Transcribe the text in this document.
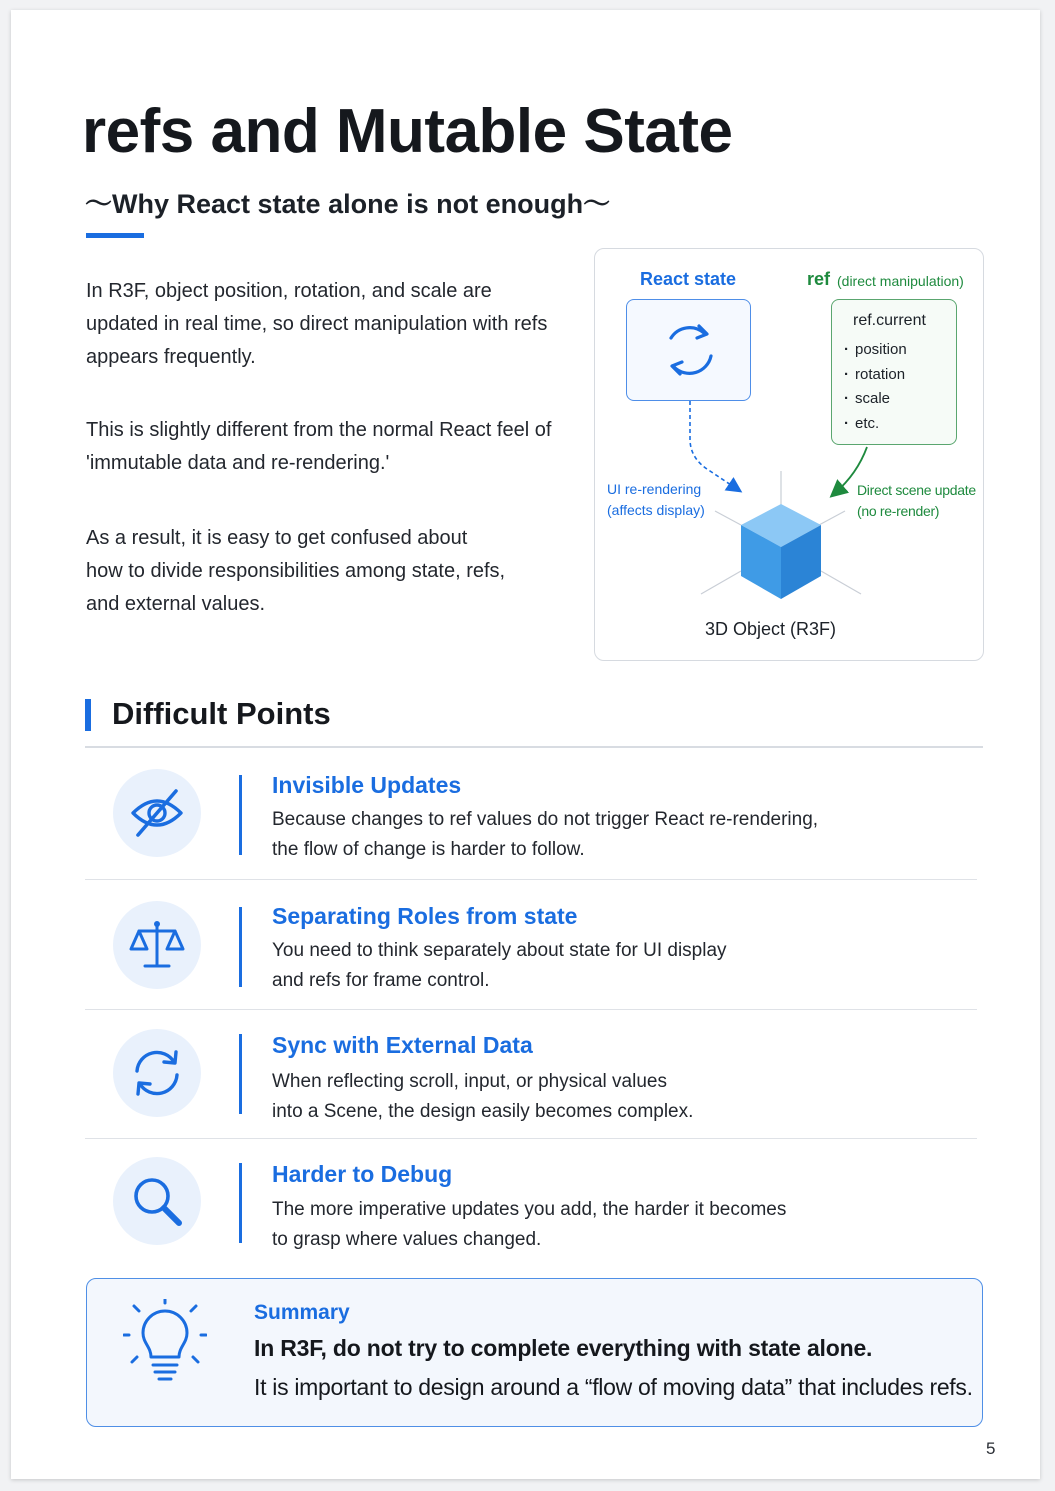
refs and Mutable State

〜Why React state alone is not enough〜

In R3F, object position, rotation, and scale are updated in real time, so direct manipulation with refs appears frequently.

This is slightly different from the normal React feel of 'immutable data and re-rendering.'

As a result, it is easy to get confused about how to divide responsibilities among state, refs, and external values.

React state	ref (direct manipulation)
ref.current
· position
· rotation
· scale
· etc.
UI re-rendering
(affects display)
Direct scene update
(no re-render)
3D Object (R3F)
Difficult Points
Invisible Updates

Because changes to ref values do not trigger React re-rendering,
the flow of change is harder to follow.

Separating Roles from state

You need to think separately about state for UI display
and refs for frame control.

Sync with External Data

When reflecting scroll, input, or physical values
into a Scene, the design easily becomes complex.

Harder to Debug

The more imperative updates you add, the harder it becomes
to grasp where values changed.

Summary

In R3F, do not try to complete everything with state alone.

It is important to design around a “flow of moving data” that includes refs.

5
